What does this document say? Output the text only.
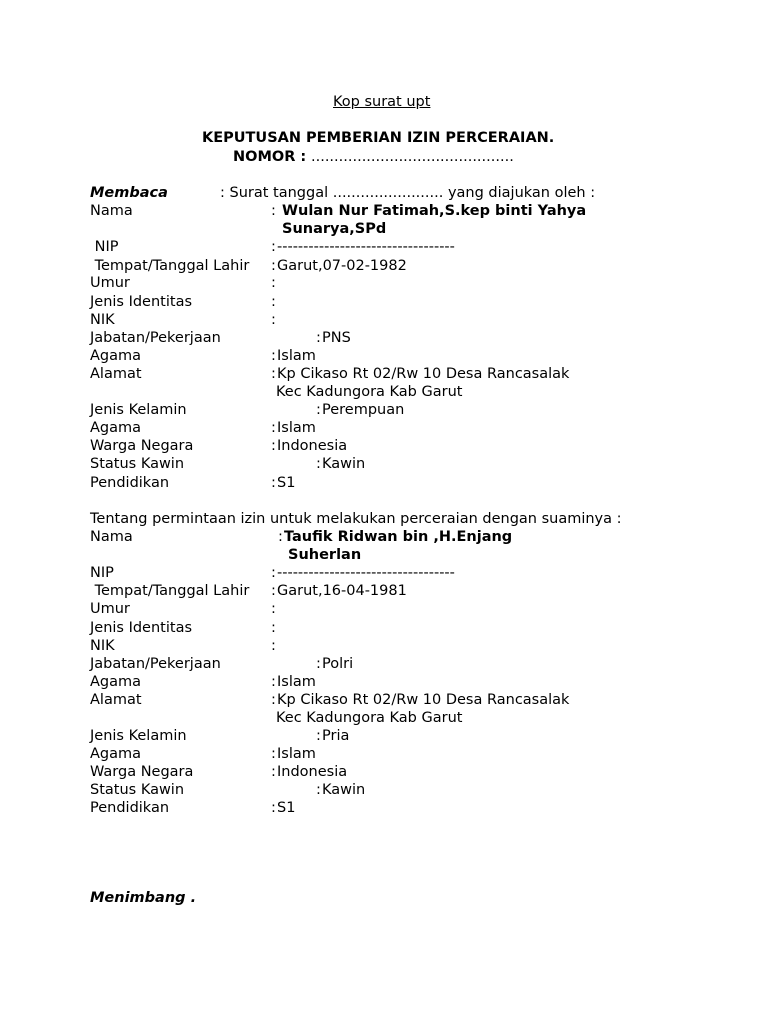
Kop surat upt
KEPUTUSAN PEMBERIAN IZIN PERCERAIAN.
NOMOR : ............................................
Membaca	: Surat tanggal ........................ yang diajukan oleh :
Nama	: Wulan Nur Fatimah,S.kep binti Yahya
Sunarya,SPd
NIP	: ----------------------------------
Tempat/Tanggal Lahir : Garut,07-02-1982
Umur	:
Jenis Identitas	:
NIK	:
Jabatan/Pekerjaan	: PNS
Agama	: Islam
Alamat	: Kp Cikaso Rt 02/Rw 10 Desa Rancasalak
Kec Kadungora Kab Garut
Jenis Kelamin	: Perempuan
Agama	: Islam
Warga Negara	: Indonesia
Status Kawin	: Kawin
Pendidikan	: S1
Tentang permintaan izin untuk melakukan perceraian dengan suaminya :
Nama	: Taufik Ridwan bin ,H.Enjang
Suherlan
NIP	: ----------------------------------
Tempat/Tanggal Lahir : Garut,16-04-1981
Umur	:
Jenis Identitas	:
NIK	:
Jabatan/Pekerjaan	: Polri
Agama	: Islam
Alamat	: Kp Cikaso Rt 02/Rw 10 Desa Rancasalak
Kec Kadungora Kab Garut
Jenis Kelamin	: Pria
Agama	: Islam
Warga Negara	: Indonesia
Status Kawin	: Kawin
Pendidikan	: S1
Menimbang .
